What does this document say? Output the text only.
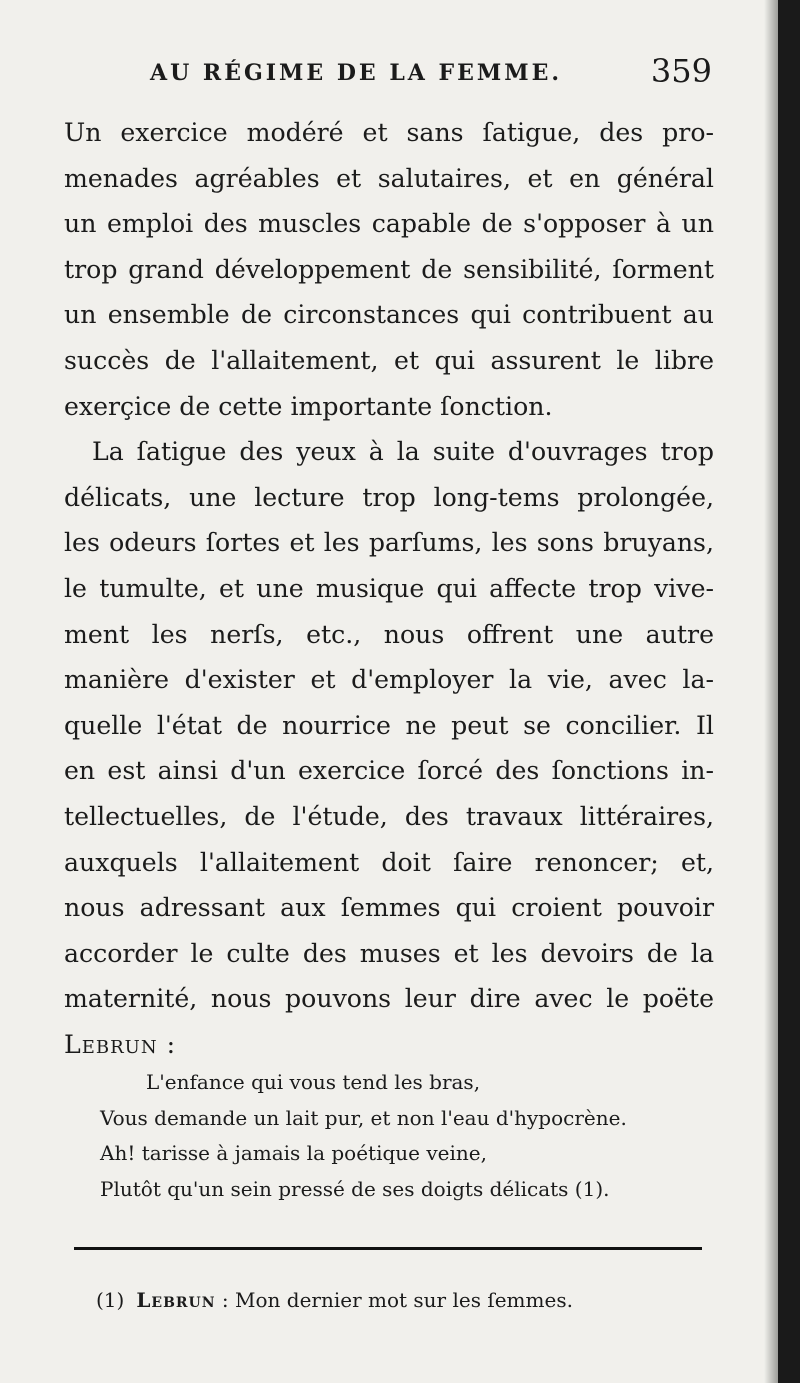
AU RÉGIME DE LA FEMME.	359
Un exercice modéré et sans ſatigue, des pro-
menades agréables et salutaires, et en général
un emploi des muscles capable de s'opposer à un
trop grand développement de sensibilité, ſorment
un ensemble de circonstances qui contribuent au
succès de l'allaitement, et qui assurent le libre
exerçice de cette importante ſonction.
La ſatigue des yeux à la suite d'ouvrages trop
délicats, une lecture trop long-tems prolongée,
les odeurs ſortes et les parſums, les sons bruyans,
le tumulte, et une musique qui affecte trop vive-
ment les nerſs, etc., nous offrent une autre
manière d'exister et d'employer la vie, avec la-
quelle l'état de nourrice ne peut se concilier. Il
en est ainsi d'un exercice ſorcé des ſonctions in-
tellectuelles, de l'étude, des travaux littéraires,
auxquels l'allaitement doit ſaire renoncer; et,
nous adressant aux ſemmes qui croient pouvoir
accorder le culte des muses et les devoirs de la
maternité, nous pouvons leur dire avec le poëte
Lebrun :
L'enfance qui vous tend les bras,
Vous demande un lait pur, et non l'eau d'hypocrène.
Ah! tarisse à jamais la poétique veine,
Plutôt qu'un sein pressé de ses doigts délicats (1).
(1) Lebrun : Mon dernier mot sur les ſemmes.
